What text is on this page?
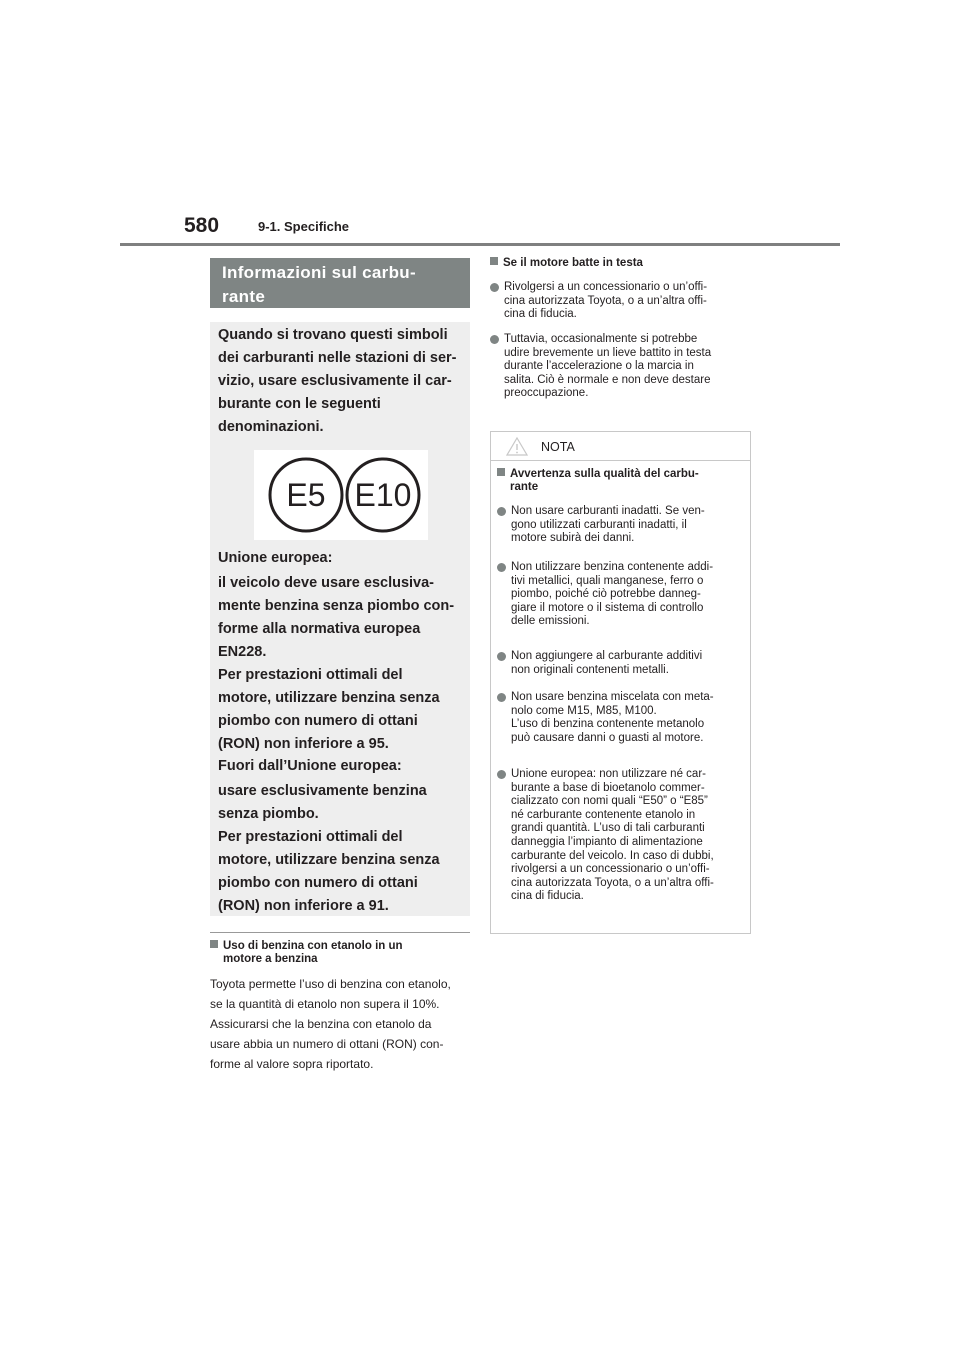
580	9-1. Specifiche
Informazioni sul carbu-
rante
Quando si trovano questi simboli
dei carburanti nelle stazioni di ser-
vizio, usare esclusivamente il car-
burante con le seguenti
denominazioni.
E5 E10
Unione europea:
il veicolo deve usare esclusiva-
mente benzina senza piombo con-
forme alla normativa europea
EN228.
Per prestazioni ottimali del
motore, utilizzare benzina senza
piombo con numero di ottani
(RON) non inferiore a 95.
Fuori dall’Unione europea:
usare esclusivamente benzina
senza piombo.
Per prestazioni ottimali del
motore, utilizzare benzina senza
piombo con numero di ottani
(RON) non inferiore a 91.
Uso di benzina con etanolo in un
motore a benzina
Toyota permette l’uso di benzina con etanolo,
se la quantità di etanolo non supera il 10%.
Assicurarsi che la benzina con etanolo da
usare abbia un numero di ottani (RON) con-
forme al valore sopra riportato.
Se il motore batte in testa
Rivolgersi a un concessionario o un’offi-
cina autorizzata Toyota, o a un’altra offi-
cina di fiducia.
Tuttavia, occasionalmente si potrebbe
udire brevemente un lieve battito in testa
durante l’accelerazione o la marcia in
salita. Ciò è normale e non deve destare
preoccupazione.
NOTA
Avvertenza sulla qualità del carbu-
rante
Non usare carburanti inadatti. Se ven-
gono utilizzati carburanti inadatti, il
motore subirà dei danni.
Non utilizzare benzina contenente addi-
tivi metallici, quali manganese, ferro o
piombo, poiché ciò potrebbe danneg-
giare il motore o il sistema di controllo
delle emissioni.
Non aggiungere al carburante additivi
non originali contenenti metalli.
Non usare benzina miscelata con meta-
nolo come M15, M85, M100.
L’uso di benzina contenente metanolo
può causare danni o guasti al motore.
Unione europea: non utilizzare né car-
burante a base di bioetanolo commer-
cializzato con nomi quali “E50” o “E85”
né carburante contenente etanolo in
grandi quantità. L’uso di tali carburanti
danneggia l’impianto di alimentazione
carburante del veicolo. In caso di dubbi,
rivolgersi a un concessionario o un’offi-
cina autorizzata Toyota, o a un’altra offi-
cina di fiducia.
